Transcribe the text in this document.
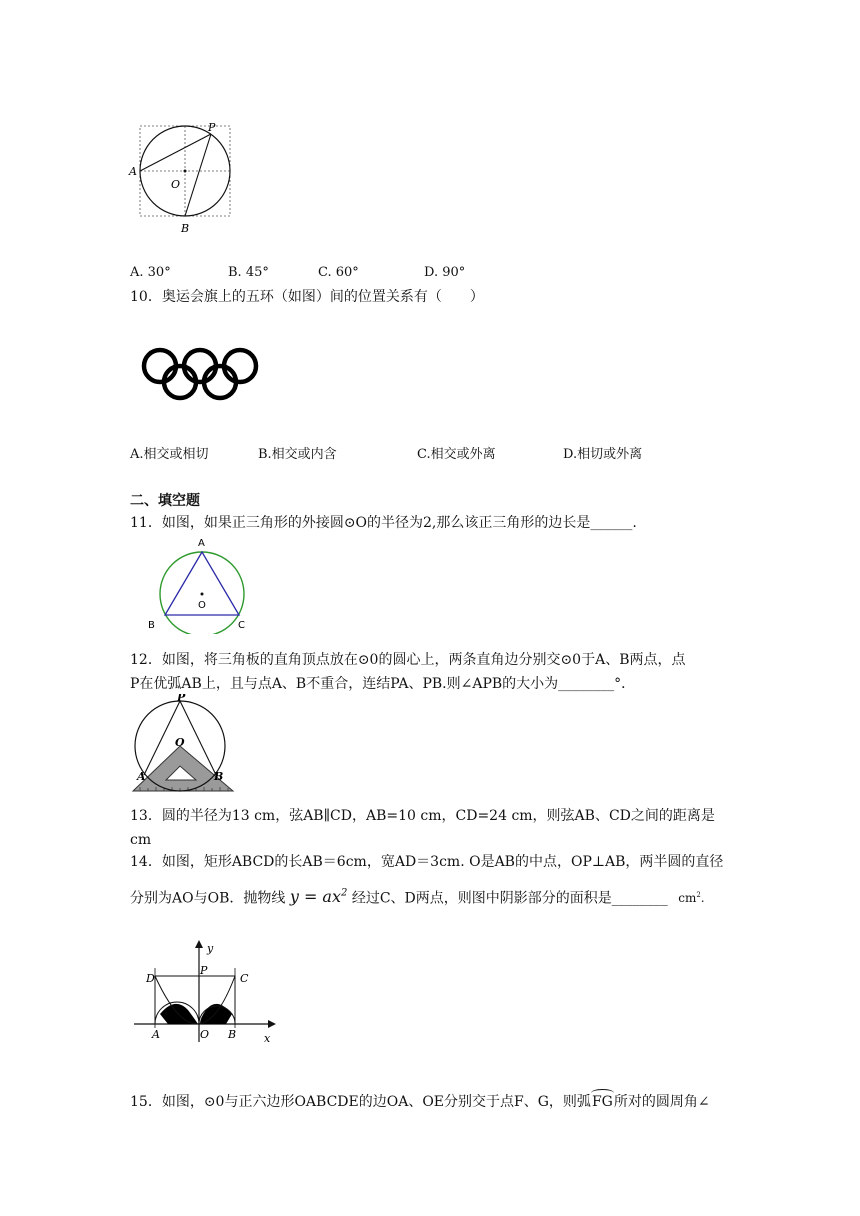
A
O
P
B
A. 30°	B. 45°	C. 60°	D. 90°
10．奥运会旗上的五环（如图）间的位置关系有（　　）
A.相交或相切	B.相交或内含	C.相交或外离	D.相切或外离
二、填空题
11．如图，如果正三角形的外接圆⊙O的半径为2,那么该正三角形的边长是______.
A
B	C
O
12．如图，将三角板的直角顶点放在⊙0的圆心上，两条直角边分别交⊙0于A、B两点，点
P在优弧AB上，且与点A、B不重合，连结PA、PB.则∠APB的大小为________°．
P
O
A	B
13．圆的半径为13 cm，弦AB∥CD，AB=10 cm，CD=24 cm，则弦AB、CD之间的距离是
cm
14．如图，矩形ABCD的长AB＝6cm，宽AD＝3cm. O是AB的中点，OP⊥AB，两半圆的直径
分别为AO与OB．抛物线 $y = ax^2$ 经过C、D两点，则图中阴影部分的面积是________ $cm^2$.
y
x
D
P
C
A	O B
15．如图，⊙0与正六边形OABCDE的边OA、OE分别交于点F、G，则弧
FG所对的圆周角∠
